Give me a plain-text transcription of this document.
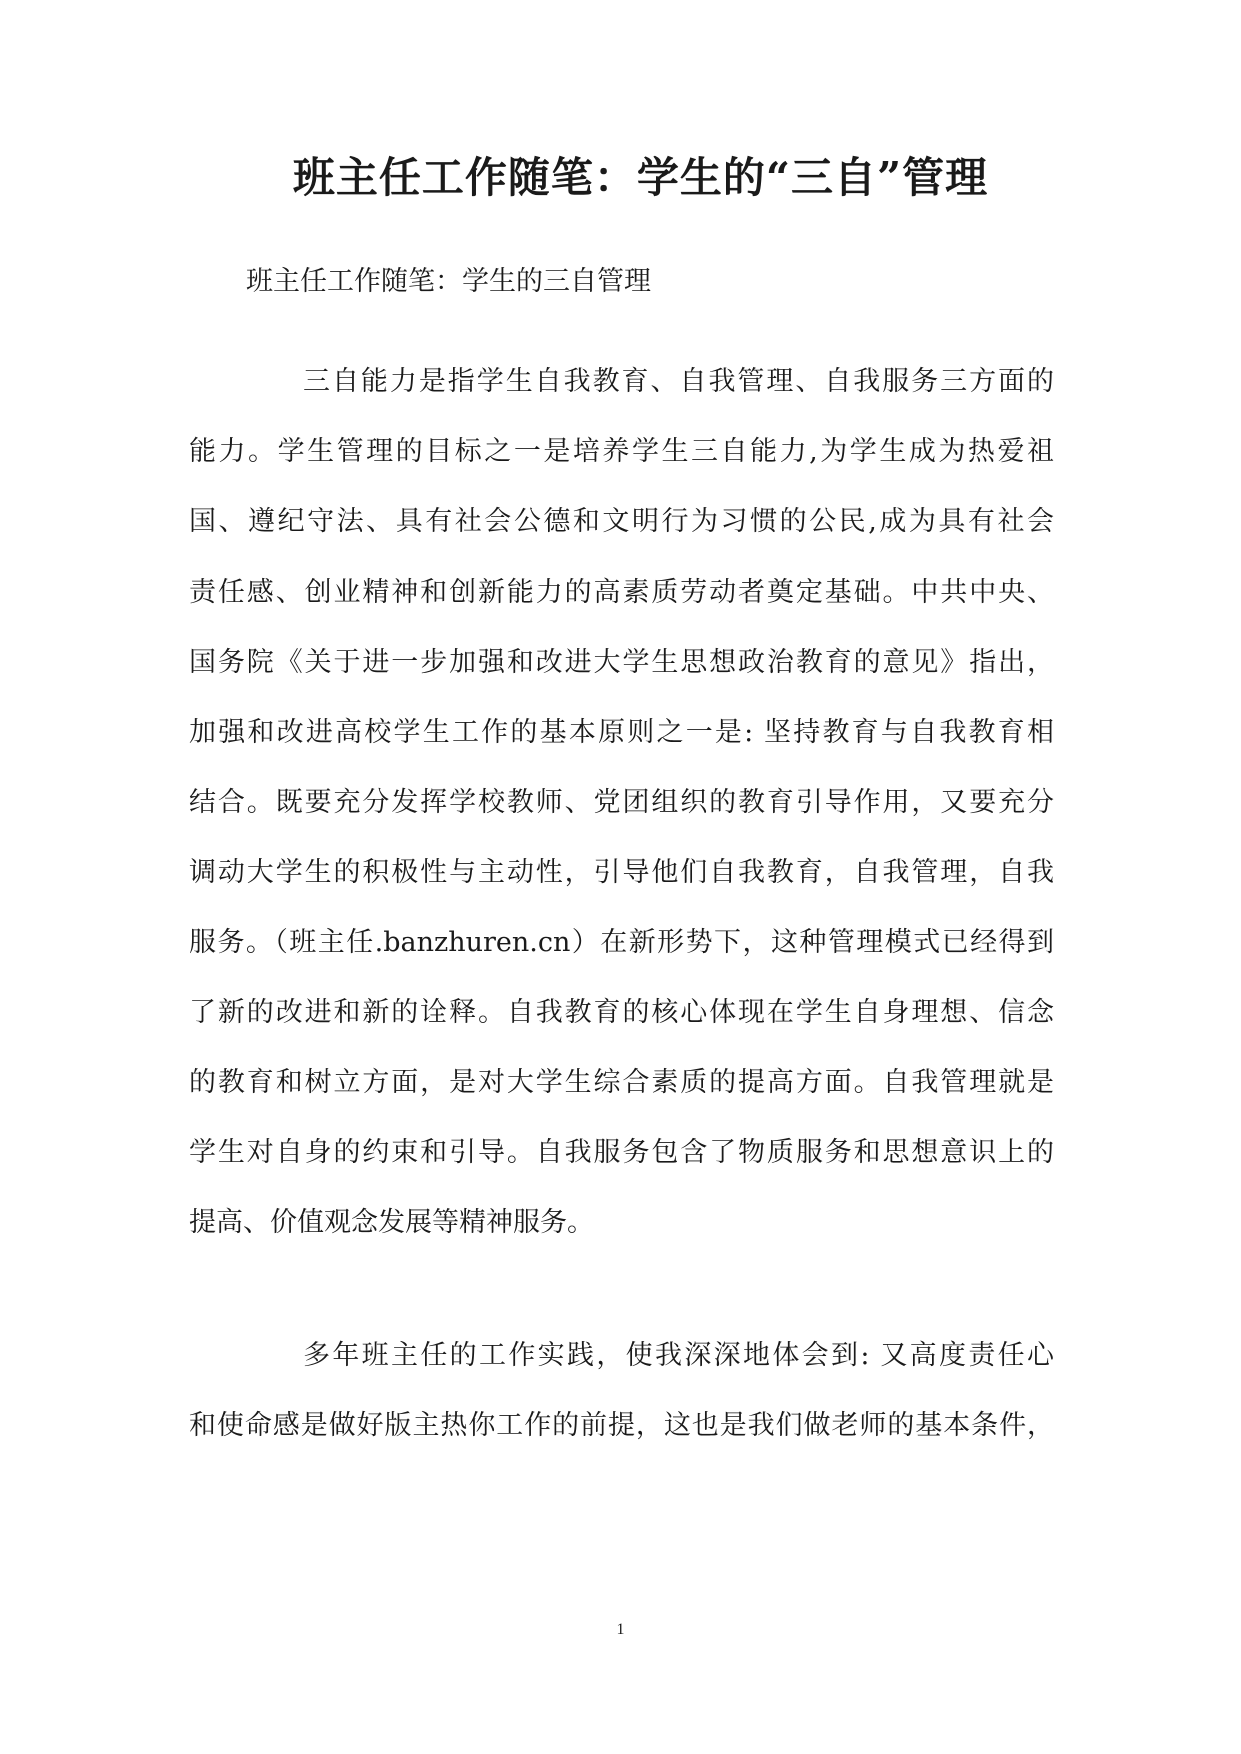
班主任工作随笔：学生的“三自”管理
班主任工作随笔：学生的三自管理
三自能力是指学生自我教育、自我管理、自我服务三方面的
能力。学生管理的目标之一是培养学生三自能力,为学生成为热爱祖
国、遵纪守法、具有社会公德和文明行为习惯的公民,成为具有社会
责任感、创业精神和创新能力的高素质劳动者奠定基础。中共中央、
国务院《关于进一步加强和改进大学生思想政治教育的意见》指出，
加强和改进高校学生工作的基本原则之一是: 坚持教育与自我教育相
结合。既要充分发挥学校教师、党团组织的教育引导作用，又要充分
调动大学生的积极性与主动性，引导他们自我教育，自我管理，自我
服务。（班主任.banzhuren.cn）在新形势下，这种管理模式已经得到
了新的改进和新的诠释。自我教育的核心体现在学生自身理想、信念
的教育和树立方面，是对大学生综合素质的提高方面。自我管理就是
学生对自身的约束和引导。自我服务包含了物质服务和思想意识上的
提高、价值观念发展等精神服务。
多年班主任的工作实践，使我深深地体会到: 又高度责任心
和使命感是做好版主热你工作的前提，这也是我们做老师的基本条件，
1
